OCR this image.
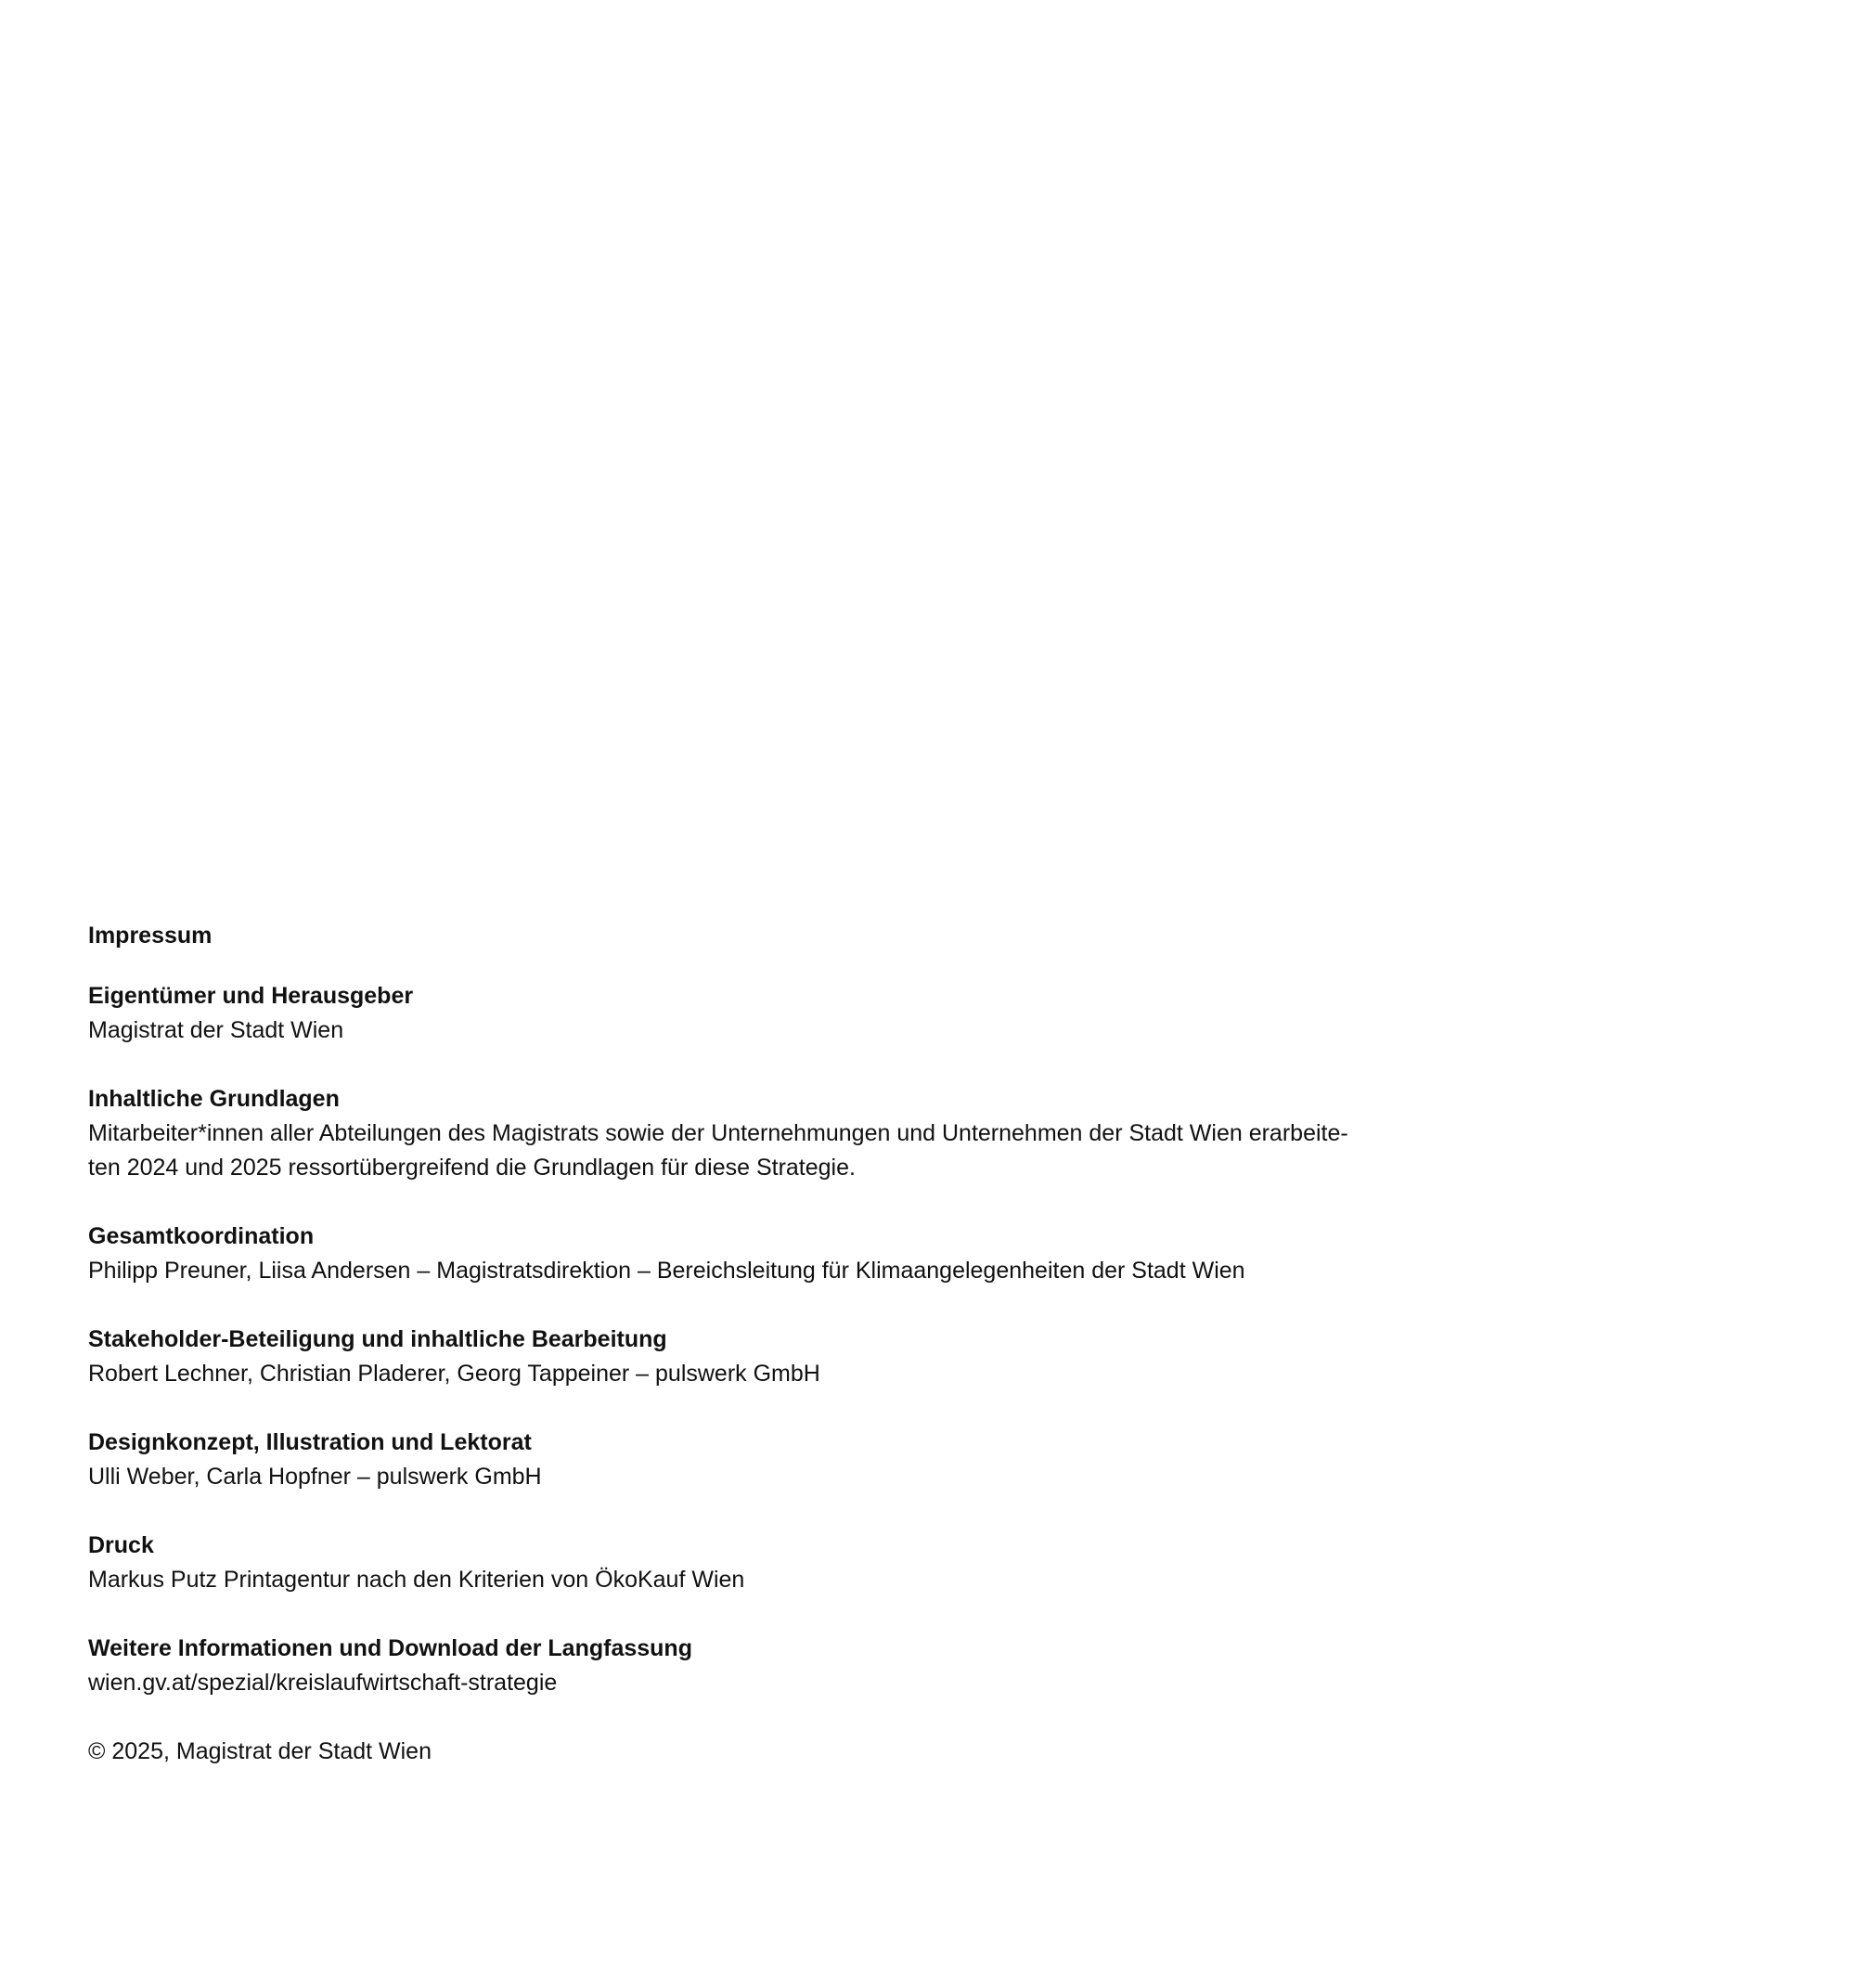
Impressum
Eigentümer und Herausgeber

Magistrat der Stadt Wien

Inhaltliche Grundlagen

Mitarbeiter*innen aller Abteilungen des Magistrats sowie der Unternehmungen und Unternehmen der Stadt Wien erarbeite-
ten 2024 und 2025 ressortübergreifend die Grundlagen für diese Strategie.

Gesamtkoordination

Philipp Preuner, Liisa Andersen – Magistratsdirektion – Bereichsleitung für Klimaangelegenheiten der Stadt Wien

Stakeholder-Beteiligung und inhaltliche Bearbeitung

Robert Lechner, Christian Pladerer, Georg Tappeiner – pulswerk GmbH

Designkonzept, Illustration und Lektorat

Ulli Weber, Carla Hopfner – pulswerk GmbH

Druck

Markus Putz Printagentur nach den Kriterien von ÖkoKauf Wien

Weitere Informationen und Download der Langfassung

wien.gv.at/spezial/kreislaufwirtschaft-strategie

© 2025, Magistrat der Stadt Wien
